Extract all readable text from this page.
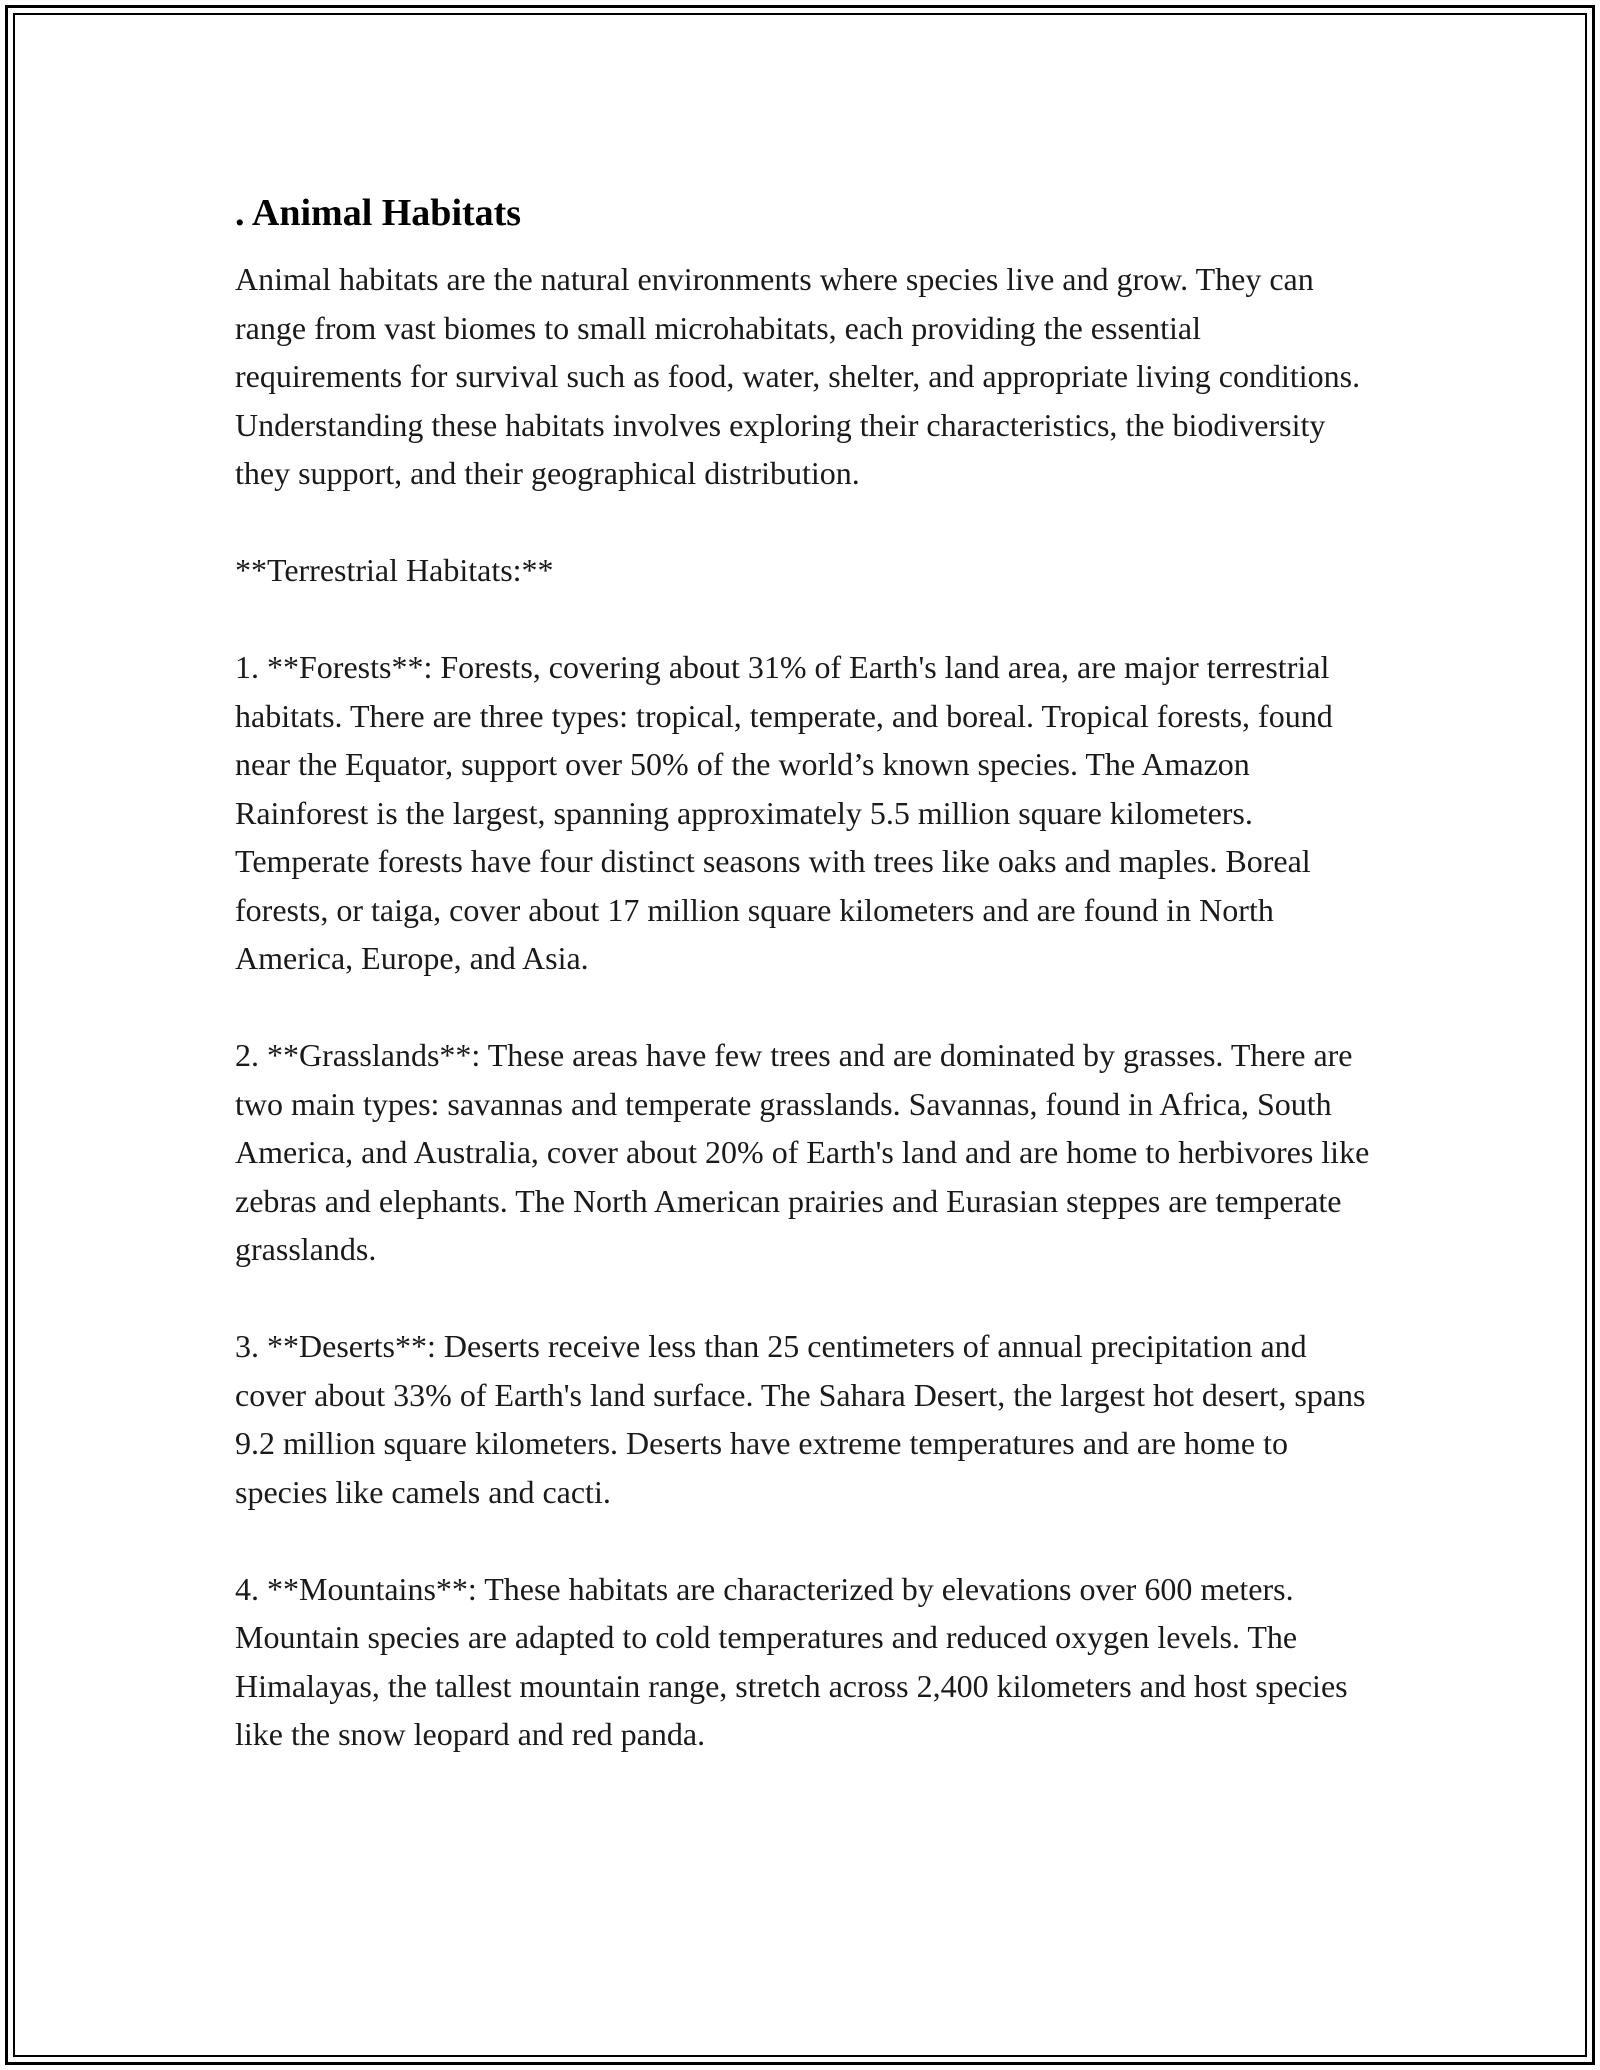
. Animal Habitats

Animal habitats are the natural environments where species live and grow. They can range from vast biomes to small microhabitats, each providing the essential requirements for survival such as food, water, shelter, and appropriate living conditions. Understanding these habitats involves exploring their characteristics, the biodiversity they support, and their geographical distribution.

**Terrestrial Habitats:**

1. **Forests**: Forests, covering about 31% of Earth's land area, are major terrestrial habitats. There are three types: tropical, temperate, and boreal. Tropical forests, found near the Equator, support over 50% of the world’s known species. The Amazon Rainforest is the largest, spanning approximately 5.5 million square kilometers. Temperate forests have four distinct seasons with trees like oaks and maples. Boreal forests, or taiga, cover about 17 million square kilometers and are found in North America, Europe, and Asia.

2. **Grasslands**: These areas have few trees and are dominated by grasses. There are two main types: savannas and temperate grasslands. Savannas, found in Africa, South America, and Australia, cover about 20% of Earth's land and are home to herbivores like zebras and elephants. The North American prairies and Eurasian steppes are temperate grasslands.

3. **Deserts**: Deserts receive less than 25 centimeters of annual precipitation and cover about 33% of Earth's land surface. The Sahara Desert, the largest hot desert, spans 9.2 million square kilometers. Deserts have extreme temperatures and are home to species like camels and cacti.

4. **Mountains**: These habitats are characterized by elevations over 600 meters. Mountain species are adapted to cold temperatures and reduced oxygen levels. The Himalayas, the tallest mountain range, stretch across 2,400 kilometers and host species like the snow leopard and red panda.
